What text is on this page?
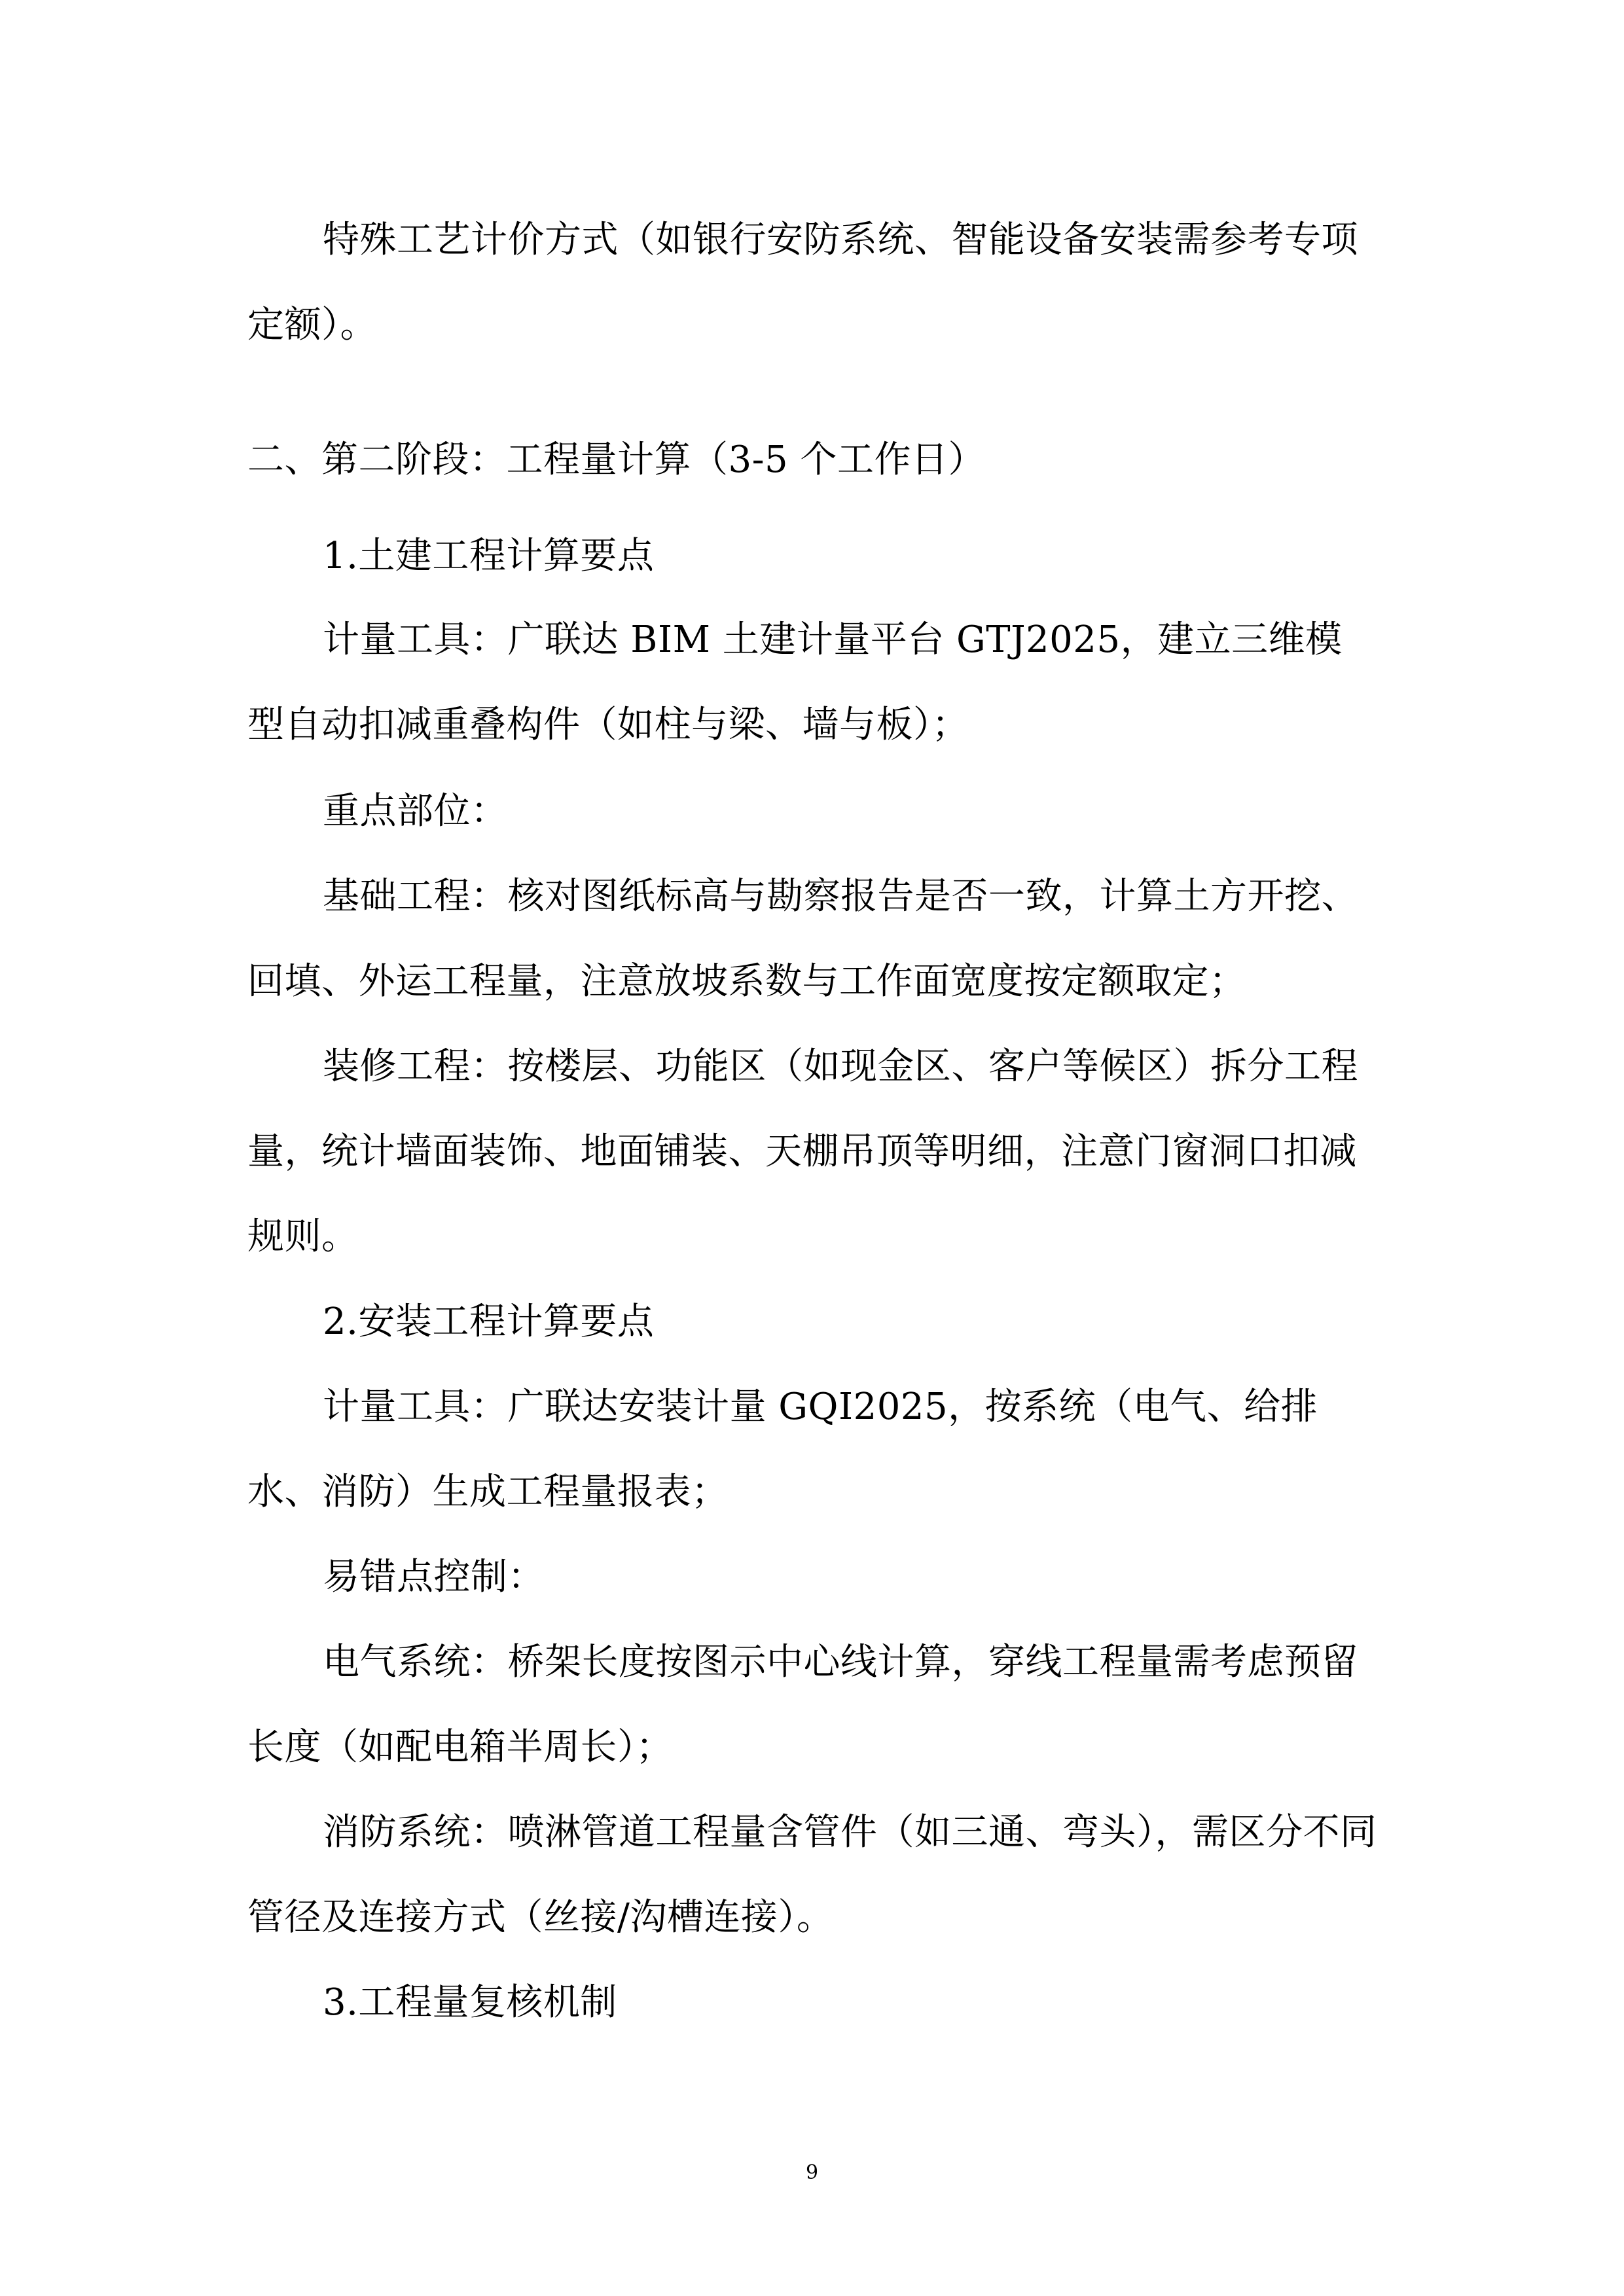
特殊工艺计价方式（如银行安防系统、智能设备安装需参考专项定额）。

二、第二阶段：工程量计算（3-5 个工作日）

1.土建工程计算要点

计量工具：广联达 BIM 土建计量平台 GTJ2025，建立三维模型自动扣减重叠构件（如柱与梁、墙与板）；

重点部位：

基础工程：核对图纸标高与勘察报告是否一致，计算土方开挖、回填、外运工程量，注意放坡系数与工作面宽度按定额取定；

装修工程：按楼层、功能区（如现金区、客户等候区）拆分工程量，统计墙面装饰、地面铺装、天棚吊顶等明细，注意门窗洞口扣减规则。

2.安装工程计算要点

计量工具：广联达安装计量 GQI2025，按系统（电气、给排水、消防）生成工程量报表；

易错点控制：

电气系统：桥架长度按图示中心线计算，穿线工程量需考虑预留长度（如配电箱半周长）；

消防系统：喷淋管道工程量含管件（如三通、弯头），需区分不同管径及连接方式（丝接/沟槽连接）。

3.工程量复核机制

9
